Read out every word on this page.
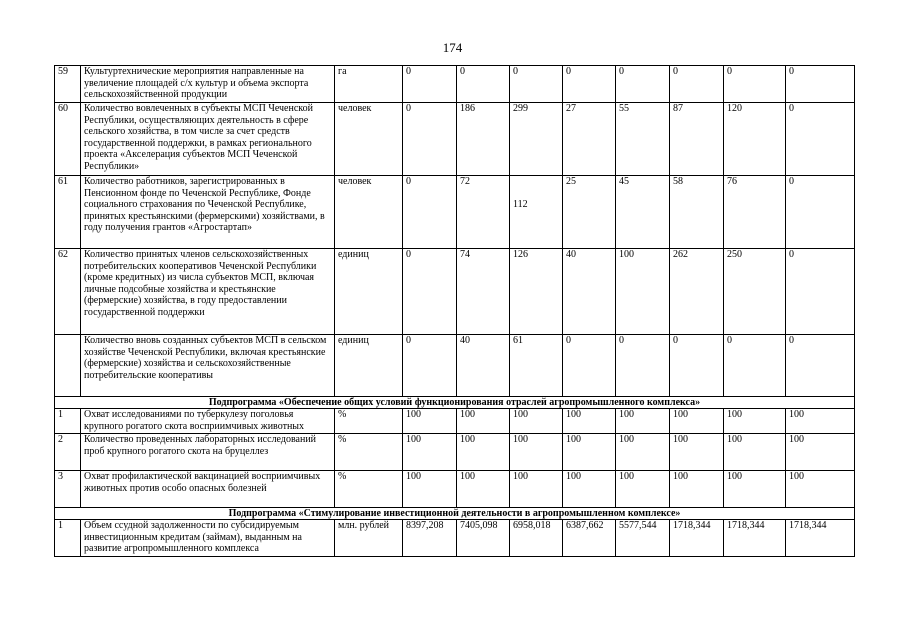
174
59	Культуртехнические мероприятия направленные на увеличение площадей с/х культур и объема экспорта сельскохозяйственной продукции	га	0	0	0	0	0	0	0	0
60	Количество вовлеченных в субъекты МСП Чеченской Республики, осуществляющих деятельность в сфере сельского хозяйства, в том числе за счет средств государственной поддержки, в рамках регионального проекта «Акселерация субъектов МСП Чеченской Республики»	человек	0	186	299	27	55	87	120	0
61	Количество работников, зарегистрированных в Пенсионном фонде по Чеченской Республике, Фонде социального страхования по Чеченской Республике, принятых крестьянскими (фермерскими) хозяйствами, в году получения грантов «Агростартап»	человек	0	72	112	25	45	58	76	0
62	Количество принятых членов сельскохозяйственных потребительских кооперативов Чеченской Республики (кроме кредитных) из числа субъектов МСП, включая личные подсобные хозяйства и крестьянские (фермерские) хозяйства, в году предоставлении государственной поддержки	единиц	0	74	126	40	100	262	250	0
	Количество вновь созданных субъектов МСП в сельском хозяйстве Чеченской Республики, включая крестьянские (фермерские) хозяйства и сельскохозяйственные потребительские кооперативы	единиц	0	40	61	0	0	0	0	0
Подпрограмма «Обеспечение общих условий функционирования отраслей агропромышленного комплекса»										
1	Охват исследованиями по туберкулезу поголовья крупного рогатого скота восприимчивых животных	%	100	100	100	100	100	100	100	100
2	Количество проведенных лабораторных исследований проб крупного рогатого скота на бруцеллез	%	100	100	100	100	100	100	100	100
3	Охват профилактической вакцинацией восприимчивых животных против особо опасных болезней	%	100	100	100	100	100	100	100	100
Подпрограмма «Стимулирование инвестиционной деятельности в агропромышленном комплексе»										
1	Объем ссудной задолженности по субсидируемым инвестиционным кредитам (займам), выданным на развитие агропромышленного комплекса	млн. рублей	8397,208	7405,098	6958,018	6387,662	5577,544	1718,344	1718,344	1718,344
